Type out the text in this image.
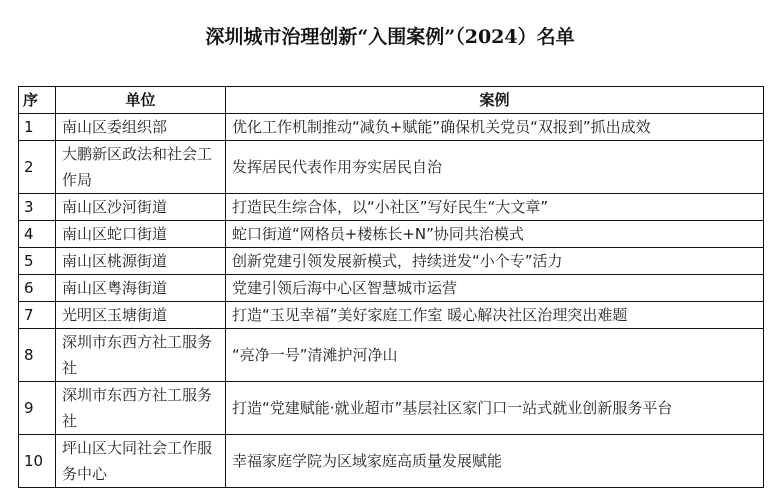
深圳城市治理创新“入围案例”（2024）名单
序	单位	案例
1	南山区委组织部	优化工作机制推动“减负+赋能”确保机关党员“双报到”抓出成效
2	大鹏新区政法和社会工作局	发挥居民代表作用夯实居民自治
3	南山区沙河街道	打造民生综合体，以“小社区”写好民生“大文章”
4	南山区蛇口街道	蛇口街道“网格员+楼栋长+N”协同共治模式
5	南山区桃源街道	创新党建引领发展新模式，持续迸发“小个专”活力
6	南山区粤海街道	党建引领后海中心区智慧城市运营
7	光明区玉塘街道	打造“玉见幸福”美好家庭工作室 暖心解决社区治理突出难题
8	深圳市东西方社工服务社	“亮净一号”清滩护河净山
9	深圳市东西方社工服务社	打造“党建赋能·就业超市”基层社区家门口一站式就业创新服务平台
10	坪山区大同社会工作服务中心	幸福家庭学院为区域家庭高质量发展赋能
